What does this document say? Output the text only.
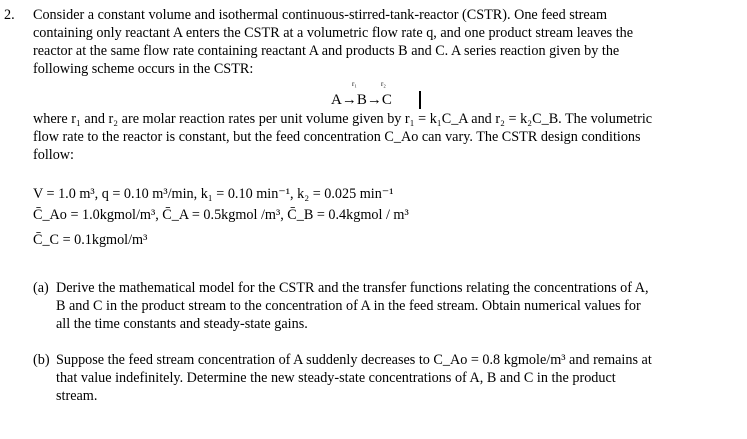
2. Consider a constant volume and isothermal continuous-stirred-tank-reactor (CSTR). One feed stream
containing only reactant A enters the CSTR at a volumetric flow rate q, and one product stream leaves the
reactor at the same flow rate containing reactant A and products B and C. A series reaction given by the
following scheme occurs in the CSTR:
r₁	r₂
A→B→C
where r₁ and r₂ are molar reaction rates per unit volume given by r₁ = k₁C_A and r₂ = k₂C_B. The volumetric
flow rate to the reactor is constant, but the feed concentration C_Ao can vary. The CSTR design conditions
follow:
V = 1.0 m³, q = 0.10 m³/min, k₁ = 0.10 min⁻¹, k₂ = 0.025 min⁻¹
C̄_Ao = 1.0kgmol/m³, C̄_A = 0.5kgmol /m³, C̄_B = 0.4kgmol / m³
C̄_C = 0.1kgmol/m³
(a) Derive the mathematical model for the CSTR and the transfer functions relating the concentrations of A,
B and C in the product stream to the concentration of A in the feed stream. Obtain numerical values for
all the time constants and steady-state gains.
(b) Suppose the feed stream concentration of A suddenly decreases to C_Ao = 0.8 kgmole/m³ and remains at
that value indefinitely. Determine the new steady-state concentrations of A, B and C in the product
stream.
